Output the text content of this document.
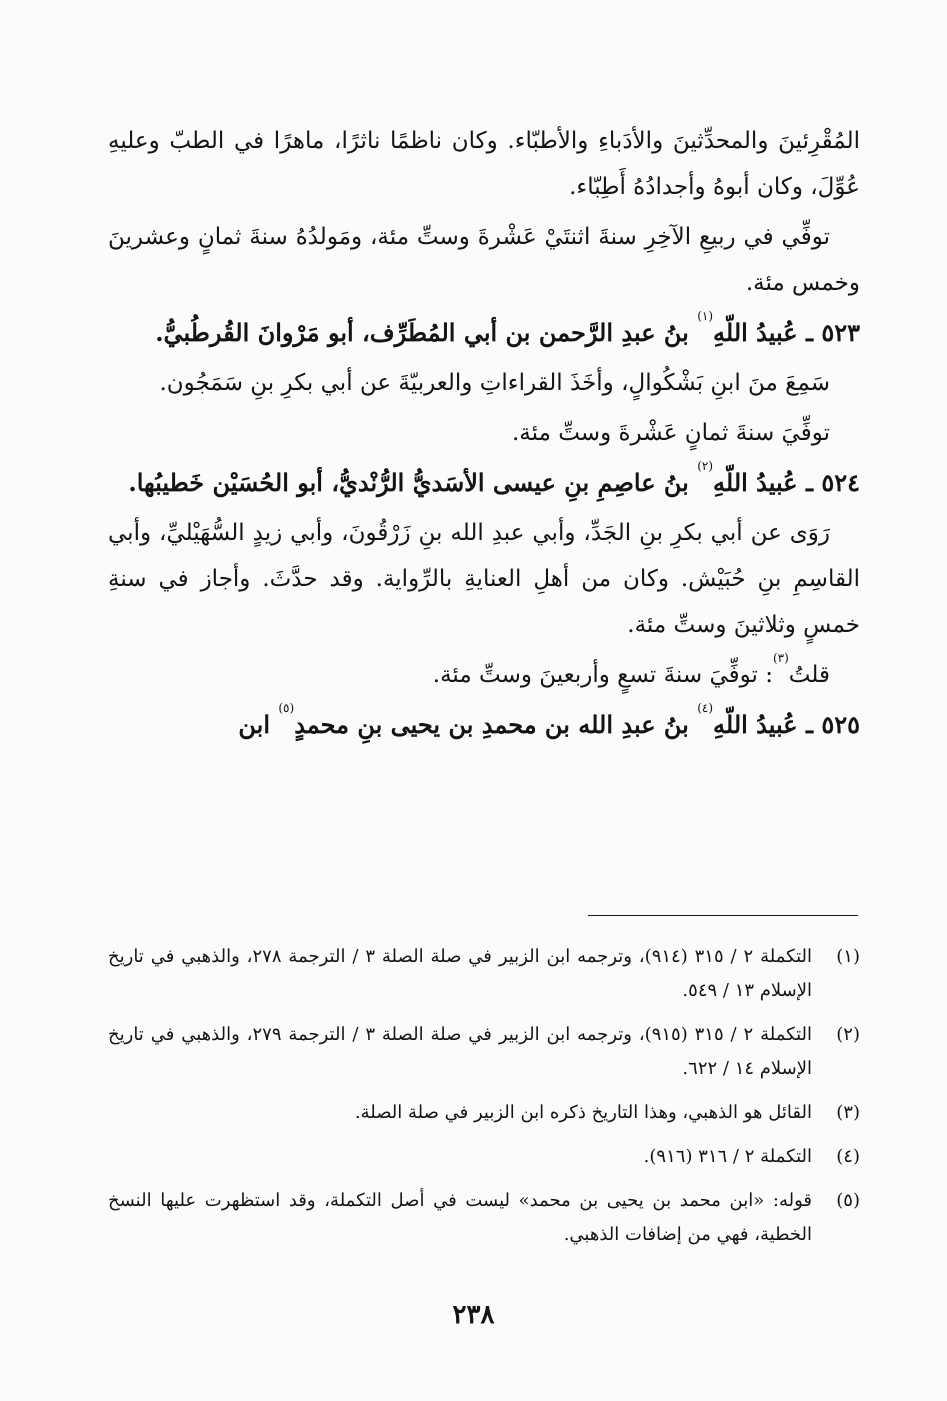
المُقْرِئينَ والمحدِّثينَ والأدَباءِ والأطبّاء. وكان ناظمًا ناثرًا، ماهرًا في الطبّ وعليهِ عُوِّلَ، وكان أبوهُ وأجدادُهُ أَطِبّاء.

توفِّي في ربيعِ الآخِرِ سنةَ اثنتَيْ عَشْرةَ وستِّ مئة، ومَولدُهُ سنةَ ثمانٍ وعشرينَ وخمس مئة.

٥٢٣ ـ عُبيدُ اللّهِ$^{(١)}$ بنُ عبدِ الرَّحمن بن أبي المُطَرِّف، أبو مَرْوانَ القُرطُبيُّ.

سَمِعَ منَ ابنِ بَشْكُوالٍ، وأخَذَ القراءاتِ والعربيّةَ عن أبي بكرِ بنِ سَمَجُون.

توفِّيَ سنةَ ثمانٍ عَشْرةَ وستِّ مئة.

٥٢٤ ـ عُبيدُ اللّهِ$^{(٢)}$ بنُ عاصِمِ بنِ عيسى الأسَديُّ الرُّنْديُّ، أبو الحُسَيْن خَطيبُها.

رَوَى عن أبي بكرِ بنِ الجَدِّ، وأبي عبدِ الله بنِ زَرْقُونَ، وأبي زيدٍ السُّهَيْليِّ، وأبي القاسِمِ بنِ حُبَيْش. وكان من أهلِ العنايةِ بالرِّواية. وقد حدَّثَ. وأجاز في سنةِ خمسٍ وثلاثينَ وستِّ مئة.

قلتُ$^{(٣)}$: توفِّيَ سنةَ تسعٍ وأربعينَ وستِّ مئة.

٥٢٥ ـ عُبيدُ اللّهِ$^{(٤)}$ بنُ عبدِ الله بن محمدِ بن يحيى بنِ محمدٍ$^{(٥)}$ ابن

(١)
التكملة ٢ / ٣١٥ (٩١٤)، وترجمه ابن الزبير في صلة الصلة ٣ / الترجمة ٢٧٨، والذهبي في تاريخ الإسلام ١٣ / ٥٤٩.
(٢)
التكملة ٢ / ٣١٥ (٩١٥)، وترجمه ابن الزبير في صلة الصلة ٣ / الترجمة ٢٧٩، والذهبي في تاريخ الإسلام ١٤ / ٦٢٢.
(٣)
القائل هو الذهبي، وهذا التاريخ ذكره ابن الزبير في صلة الصلة.
(٤)
التكملة ٢ / ٣١٦ (٩١٦).
(٥)
قوله: «ابن محمد بن يحيى بن محمد» ليست في أصل التكملة، وقد استظهرت عليها النسخ الخطية، فهي من إضافات الذهبي.
٢٣٨
